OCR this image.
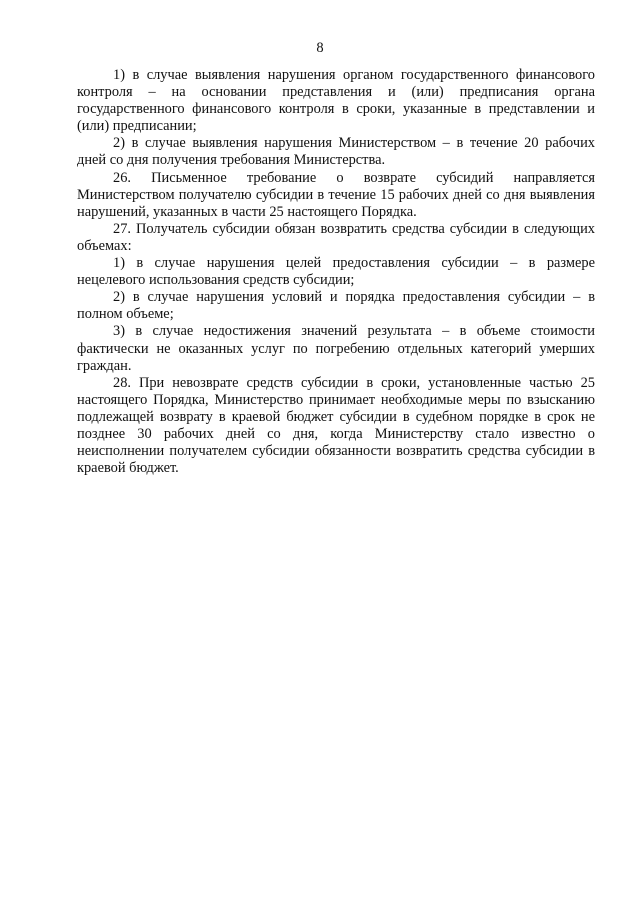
8

1) в случае выявления нарушения органом государственного финансового контроля – на основании представления и (или) предписания органа государственного финансового контроля в сроки, указанные в представлении и (или) предписании;

2) в случае выявления нарушения Министерством – в течение 20 рабочих дней со дня получения требования Министерства.

26. Письменное требование о возврате субсидий направляется Министерством получателю субсидии в течение 15 рабочих дней со дня выявления нарушений, указанных в части 25 настоящего Порядка.

27. Получатель субсидии обязан возвратить средства субсидии в следующих объемах:

1) в случае нарушения целей предоставления субсидии – в размере нецелевого использования средств субсидии;

2) в случае нарушения условий и порядка предоставления субсидии – в полном объеме;

3) в случае недостижения значений результата – в объеме стоимости фактически не оказанных услуг по погребению отдельных категорий умерших граждан.

28. При невозврате средств субсидии в сроки, установленные частью 25 настоящего Порядка, Министерство принимает необходимые меры по взысканию подлежащей возврату в краевой бюджет субсидии в судебном порядке в срок не позднее 30 рабочих дней со дня, когда Министерству стало известно о неисполнении получателем субсидии обязанности возвратить средства субсидии в краевой бюджет.
